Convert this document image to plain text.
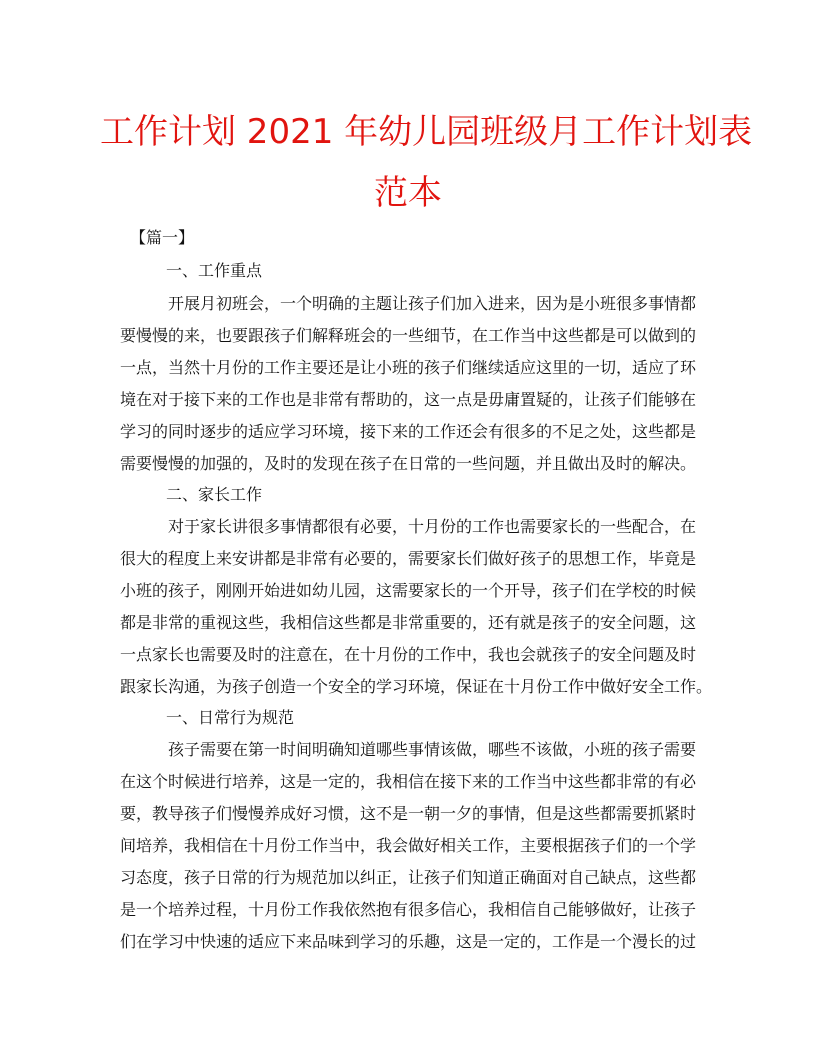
工作计划 2021 年幼儿园班级月工作计划表
范本
【篇一】
一、工作重点
开展月初班会，一个明确的主题让孩子们加入进来，因为是小班很多事情都
要慢慢的来，也要跟孩子们解释班会的一些细节，在工作当中这些都是可以做到的
一点，当然十月份的工作主要还是让小班的孩子们继续适应这里的一切，适应了环
境在对于接下来的工作也是非常有帮助的，这一点是毋庸置疑的，让孩子们能够在
学习的同时逐步的适应学习环境，接下来的工作还会有很多的不足之处，这些都是
需要慢慢的加强的，及时的发现在孩子在日常的一些问题，并且做出及时的解决。
二、家长工作
对于家长讲很多事情都很有必要，十月份的工作也需要家长的一些配合，在
很大的程度上来安讲都是非常有必要的，需要家长们做好孩子的思想工作，毕竟是
小班的孩子，刚刚开始进如幼儿园，这需要家长的一个开导，孩子们在学校的时候
都是非常的重视这些，我相信这些都是非常重要的，还有就是孩子的安全问题，这
一点家长也需要及时的注意在，在十月份的工作中，我也会就孩子的安全问题及时
跟家长沟通，为孩子创造一个安全的学习环境，保证在十月份工作中做好安全工作。
一、日常行为规范
孩子需要在第一时间明确知道哪些事情该做，哪些不该做，小班的孩子需要
在这个时候进行培养，这是一定的，我相信在接下来的工作当中这些都非常的有必
要，教导孩子们慢慢养成好习惯，这不是一朝一夕的事情，但是这些都需要抓紧时
间培养，我相信在十月份工作当中，我会做好相关工作，主要根据孩子们的一个学
习态度，孩子日常的行为规范加以纠正，让孩子们知道正确面对自己缺点，这些都
是一个培养过程，十月份工作我依然抱有很多信心，我相信自己能够做好，让孩子
们在学习中快速的适应下来品味到学习的乐趣，这是一定的，工作是一个漫长的过
